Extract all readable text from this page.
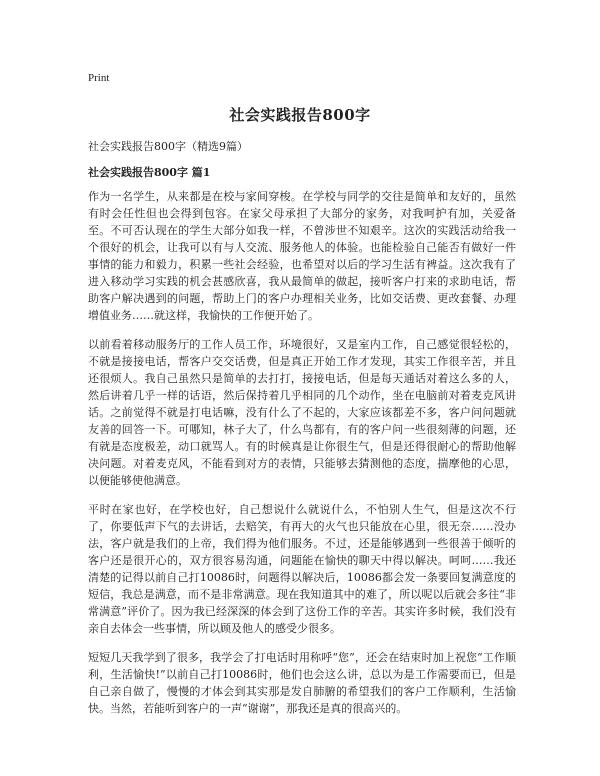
Print
社会实践报告800字

社会实践报告800字（精选9篇）

社会实践报告800字 篇1

作为一名学生，从来都是在校与家间穿梭。在学校与同学的交往是简单和友好的，虽然有时会任性但也会得到包容。在家父母承担了大部分的家务，对我呵护有加，关爱备至。不可否认现在的学生大部分如我一样，不曾涉世不知艰辛。这次的实践活动给我一个很好的机会，让我可以有与人交流、服务他人的体验。也能检验自己能否有做好一件事情的能力和毅力，积累一些社会经验，也希望对以后的学习生活有裨益。这次我有了进入移动学习实践的机会甚感欣喜，我从最简单的做起，接听客户打来的求助电话，帮助客户解决遇到的问题，帮助上门的客户办理相关业务，比如交话费、更改套餐、办理增值业务……就这样，我愉快的工作便开始了。

以前看着移动服务厅的工作人员工作，环境很好，又是室内工作，自己感觉很轻松的，不就是接接电话，帮客户交交话费，但是真正开始工作才发现，其实工作很辛苦，并且还很烦人。我自己虽然只是简单的去打打，接接电话，但是每天通话对着这么多的人，然后讲着几乎一样的话语，然后保持着几乎相同的几个动作，坐在电脑前对着麦克风讲话。之前觉得不就是打电话嘛，没有什么了不起的，大家应该都差不多，客户问问题就友善的回答一下。可哪知，林子大了，什么鸟都有，有的客户问一些很刻薄的问题，还有就是态度极差，动口就骂人。有的时候真是让你很生气，但是还得很耐心的帮助他解决问题。对着麦克风，不能看到对方的表情，只能够去猜测他的态度，揣摩他的心思，以便能够使他满意。

平时在家也好，在学校也好，自己想说什么就说什么，不怕别人生气，但是这次不行了，你要低声下气的去讲话，去赔笑，有再大的火气也只能放在心里，很无奈……没办法，客户就是我们的上帝，我们得为他们服务。不过，还是能够遇到一些很善于倾听的客户还是很开心的，双方很容易沟通，问题能在愉快的聊天中得以解决。呵呵……我还清楚的记得以前自己打10086时，问题得以解决后，10086都会发一条要回复满意度的短信，我总是满意，而不是非常满意。现在我知道其中的难了，所以呢以后就会多往“非常满意”评价了。因为我已经深深的体会到了这份工作的辛苦。其实许多时候，我们没有亲自去体会一些事情，所以顾及他人的感受少很多。

短短几天我学到了很多，我学会了打电话时用称呼“您”，还会在结束时加上祝您“工作顺利，生活愉快!”以前自己打10086时，他们也会这么讲，总以为是工作需要而已，但是自己亲自做了，慢慢的才体会到其实那是发自肺腑的希望我们的客户工作顺利，生活愉快。当然，若能听到客户的一声“谢谢”，那我还是真的很高兴的。
